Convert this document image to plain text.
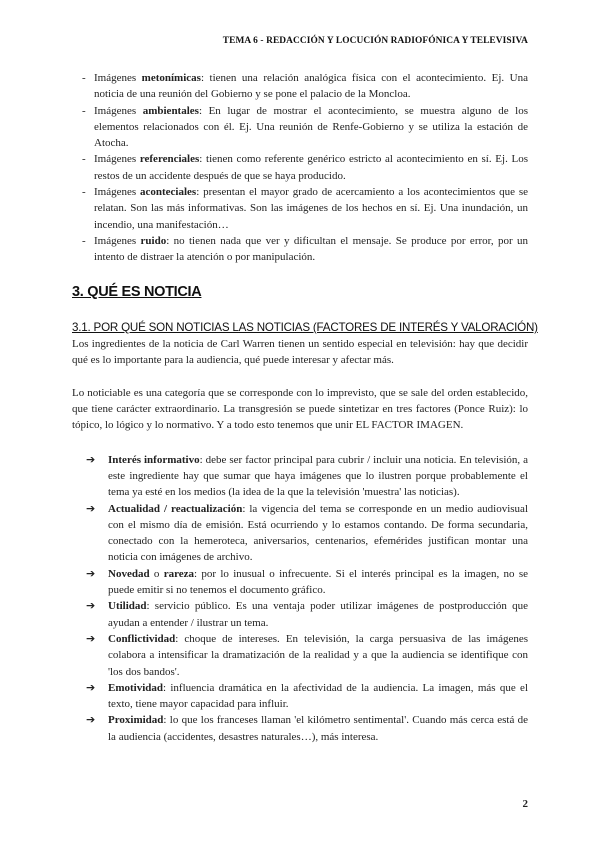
TEMA 6 - REDACCIÓN Y LOCUCIÓN RADIOFÓNICA Y TELEVISIVA
- Imágenes metonímicas: tienen una relación analógica física con el acontecimiento. Ej. Una noticia de una reunión del Gobierno y se pone el palacio de la Moncloa.
- Imágenes ambientales: En lugar de mostrar el acontecimiento, se muestra alguno de los elementos relacionados con él. Ej. Una reunión de Renfe-Gobierno y se utiliza la estación de Atocha.
- Imágenes referenciales: tienen como referente genérico estricto al acontecimiento en sí. Ej. Los restos de un accidente después de que se haya producido.
- Imágenes aconteciales: presentan el mayor grado de acercamiento a los acontecimientos que se relatan. Son las más informativas. Son las imágenes de los hechos en sí. Ej. Una inundación, un incendio, una manifestación…
- Imágenes ruido: no tienen nada que ver y dificultan el mensaje. Se produce por error, por un intento de distraer la atención o por manipulación.
3. QUÉ ES NOTICIA
3.1. POR QUÉ SON NOTICIAS LAS NOTICIAS (FACTORES DE INTERÉS Y VALORACIÓN)

Los ingredientes de la noticia de Carl Warren tienen un sentido especial en televisión: hay que decidir qué es lo importante para la audiencia, qué puede interesar y afectar más.

Lo noticiable es una categoría que se corresponde con lo imprevisto, que se sale del orden establecido, que tiene carácter extraordinario. La transgresión se puede sintetizar en tres factores (Ponce Ruiz): lo tópico, lo lógico y lo normativo. Y a todo esto tenemos que unir EL FACTOR IMAGEN.

➔ Interés informativo: debe ser factor principal para cubrir / incluir una noticia. En televisión, a este ingrediente hay que sumar que haya imágenes que lo ilustren porque probablemente el tema ya esté en los medios (la idea de la que la televisión 'muestra' las noticias).
➔ Actualidad / reactualización: la vigencia del tema se corresponde en un medio audiovisual con el mismo día de emisión. Está ocurriendo y lo estamos contando. De forma secundaria, conectado con la hemeroteca, aniversarios, centenarios, efemérides justifican montar una noticia con imágenes de archivo.
➔ Novedad o rareza: por lo inusual o infrecuente. Si el interés principal es la imagen, no se puede emitir si no tenemos el documento gráfico.
➔ Utilidad: servicio público. Es una ventaja poder utilizar imágenes de postproducción que ayudan a entender / ilustrar un tema.
➔ Conflictividad: choque de intereses. En televisión, la carga persuasiva de las imágenes colabora a intensificar la dramatización de la realidad y a que la audiencia se identifique con 'los dos bandos'.
➔ Emotividad: influencia dramática en la afectividad de la audiencia. La imagen, más que el texto, tiene mayor capacidad para influir.
➔ Proximidad: lo que los franceses llaman 'el kilómetro sentimental'. Cuando más cerca está de la audiencia (accidentes, desastres naturales…), más interesa.
2
